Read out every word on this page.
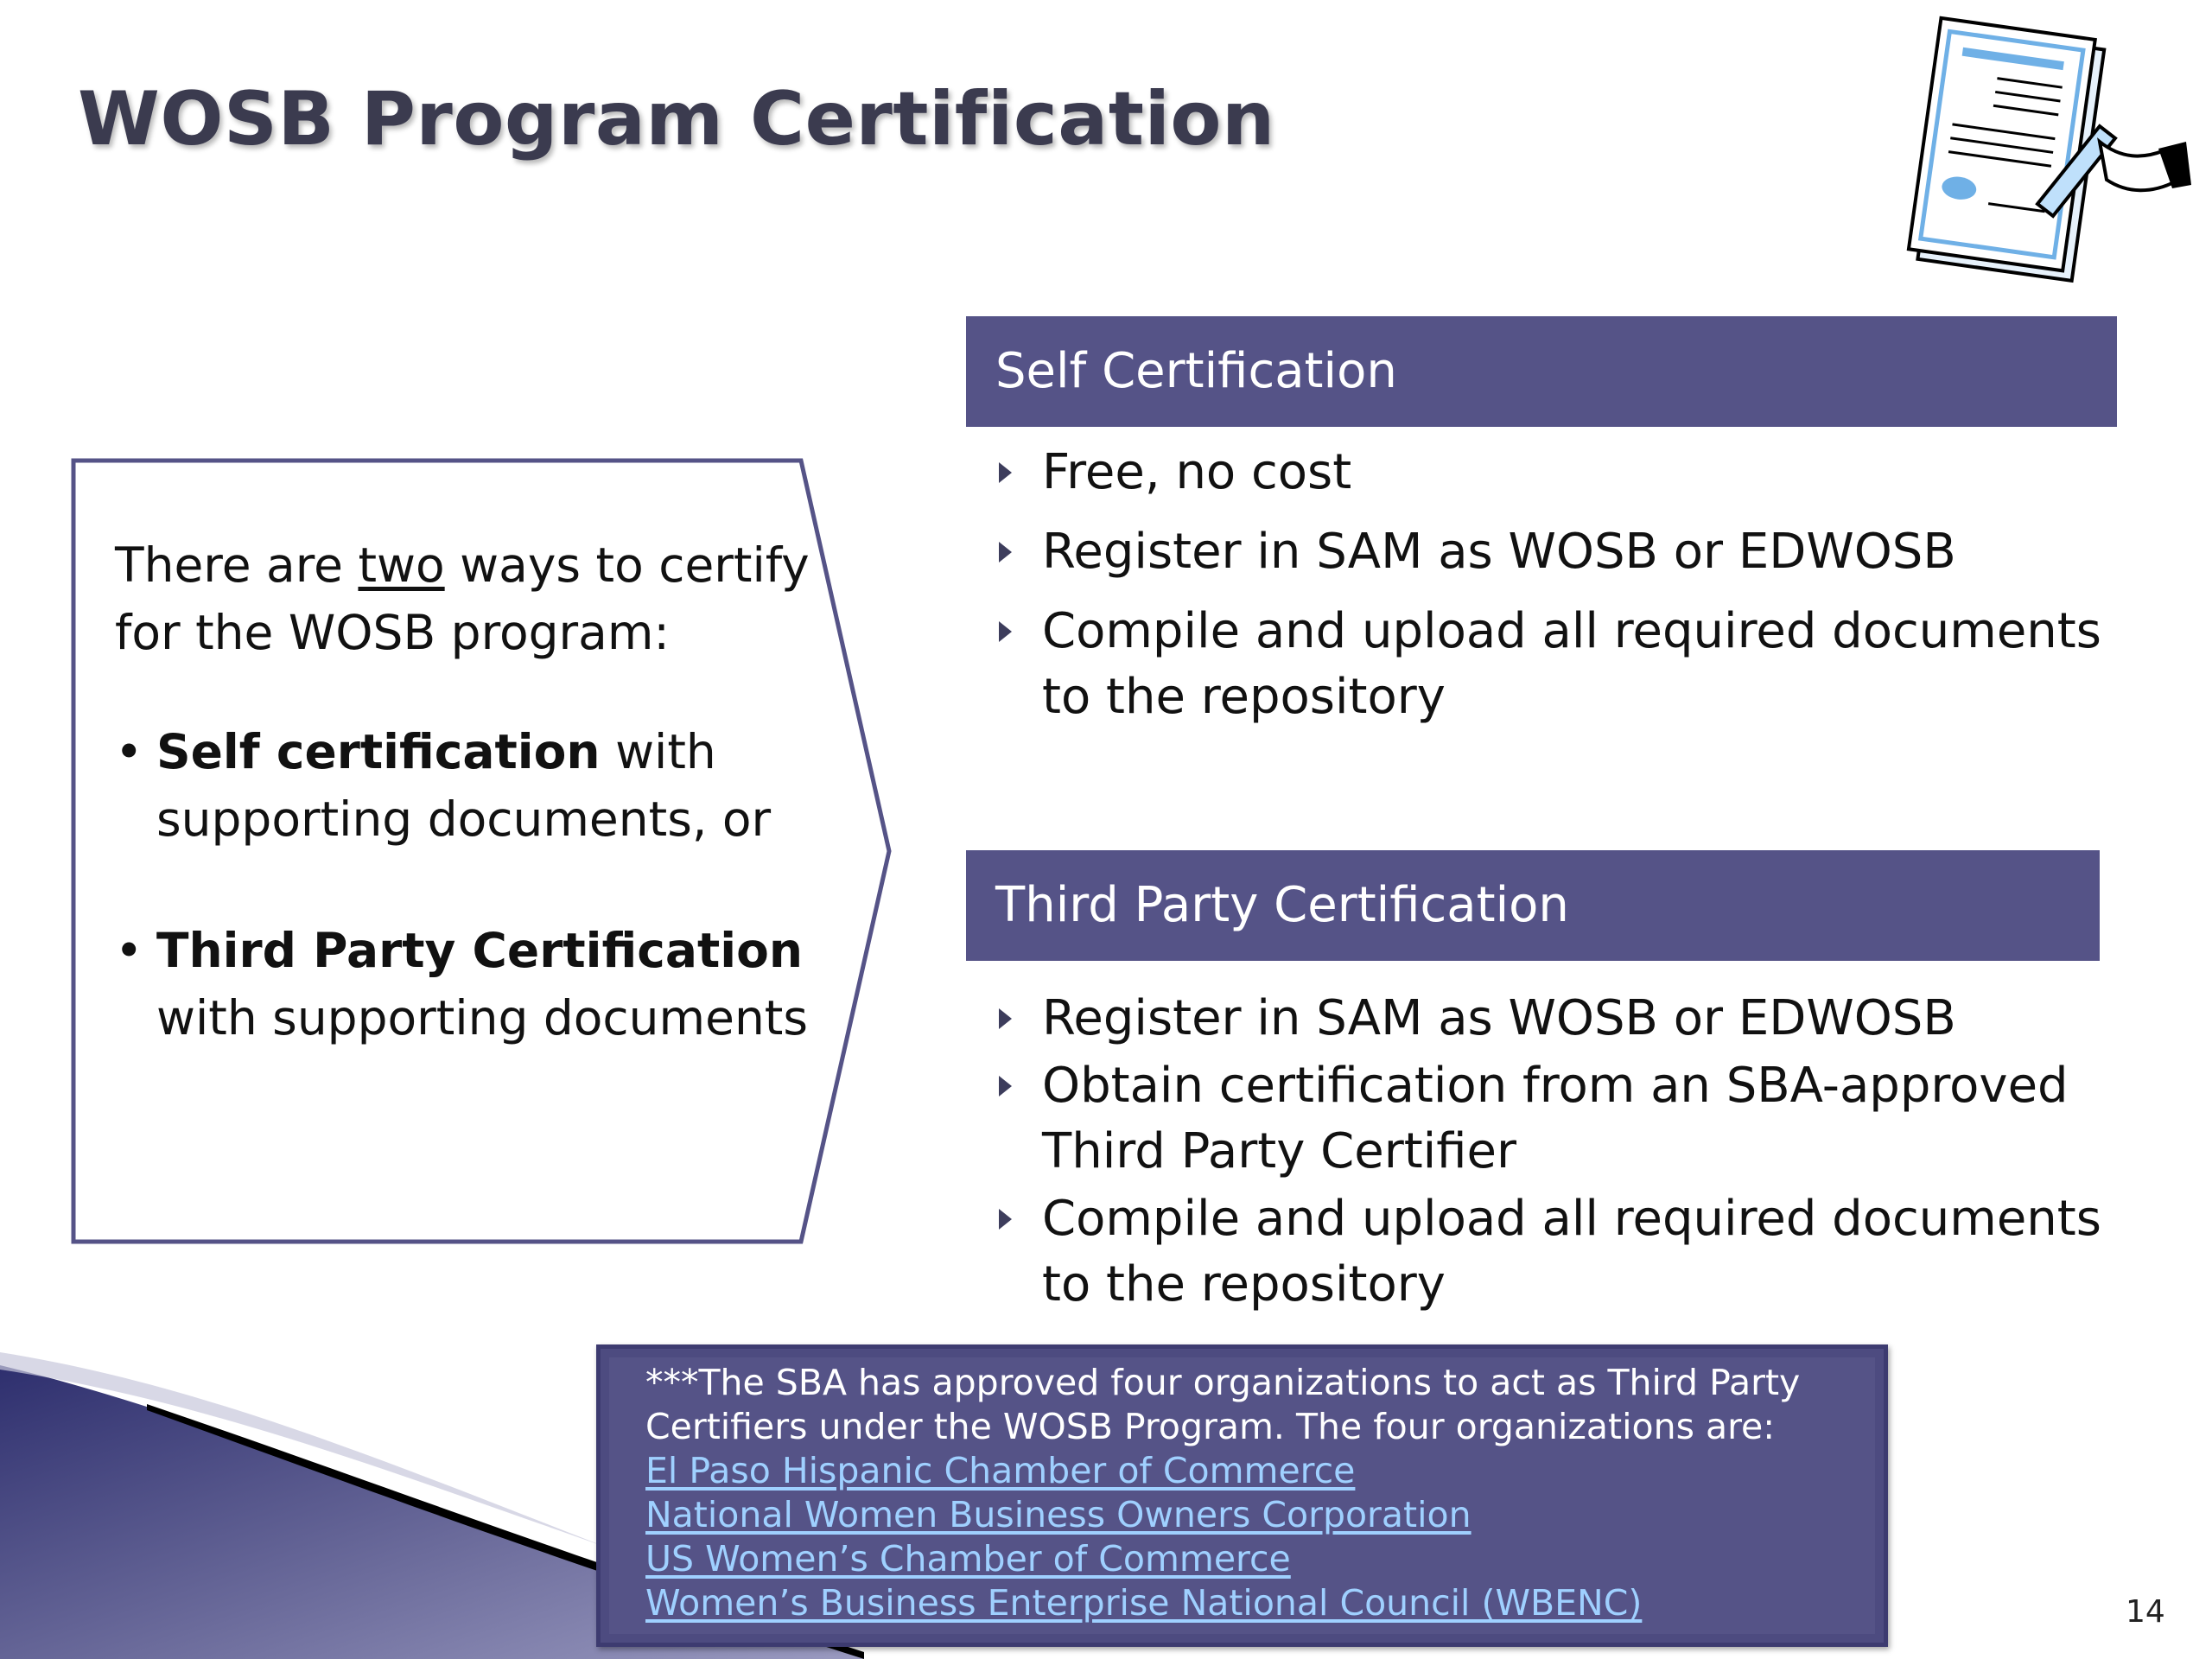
WOSB Program Certification

There are two ways to certify for the WOSB program:

• Self certification with supporting documents, or
• Third Party Certification with supporting documents
Self Certification
Free, no cost
Register in SAM as WOSB or EDWOSB
Compile and upload all required documents to the repository
Third Party Certification
Register in SAM as WOSB or EDWOSB
Obtain certification from an SBA-approved Third Party Certifier
Compile and upload all required documents to the repository

***The SBA has approved four organizations to act as Third Party Certifiers under the WOSB Program. The four organizations are:

El Paso Hispanic Chamber of Commerce
National Women Business Owners Corporation
US Women’s Chamber of Commerce
Women’s Business Enterprise National Council (WBENC)	14
